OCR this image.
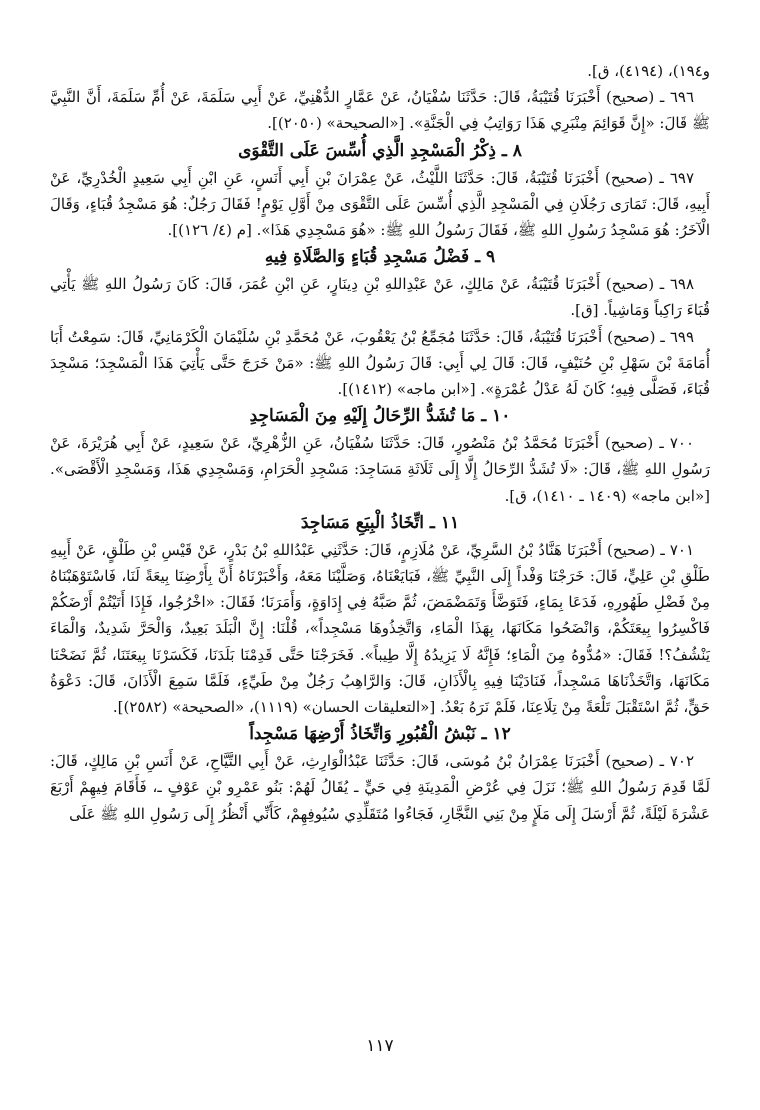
و١٩٤)، (٤١٩٤)، ق].

٦٩٦ ـ (صحيح) أَخْبَرَنَا قُتَيْبَةُ، قَالَ: حَدَّثَنَا سُفْيَانُ، عَنْ عَمَّارٍ الدُّهْنِيِّ، عَنْ أَبِي سَلَمَةَ، عَنْ أُمِّ سَلَمَةَ، أَنَّ النَّبِيَّ ﷺ قَالَ: «إِنَّ قَوَائِمَ مِنْبَرِي هَذَا رَوَاتِبُ فِي الْجَنَّةِ». [«الصحيحة» (٢٠٥٠)].

٨ ـ ذِكْرُ الْمَسْجِدِ الَّذِي أُسِّسَ عَلَى التَّقْوَى

٦٩٧ ـ (صحيح) أَخْبَرَنَا قُتَيْبَةُ، قَالَ: حَدَّثَنَا اللَّيْثُ، عَنْ عِمْرَانَ بْنِ أَبِي أَنَسٍ، عَنِ ابْنِ أَبِي سَعِيدٍ الْخُدْرِيِّ، عَنْ أَبِيهِ، قَالَ: تَمَارَى رَجُلَانِ فِي الْمَسْجِدِ الَّذِي أُسِّسَ عَلَى التَّقْوَى مِنْ أَوَّلِ يَوْمٍ! فَقَالَ رَجُلٌ: هُوَ مَسْجِدُ قُبَاءٍ، وَقَالَ الْآخَرُ: هُوَ مَسْجِدُ رَسُولِ اللهِ ﷺ، فَقَالَ رَسُولُ اللهِ ﷺ: «هُوَ مَسْجِدِي هَذَا». [م (٤/ ١٢٦)].

٩ ـ فَضْلُ مَسْجِدِ قُبَاءٍ وَالصَّلَاةِ فِيهِ

٦٩٨ ـ (صحيح) أَخْبَرَنَا قُتَيْبَةُ، عَنْ مَالِكٍ، عَنْ عَبْدِاللهِ بْنِ دِينَارٍ، عَنِ ابْنِ عُمَرَ، قَالَ: كَانَ رَسُولُ اللهِ ﷺ يَأْتِي قُبَاءَ رَاكِباً وَمَاشِياً. [ق].

٦٩٩ ـ (صحيح) أَخْبَرَنَا قُتَيْبَةُ، قَالَ: حَدَّثَنَا مُجَمِّعُ بْنُ يَعْقُوبَ، عَنْ مُحَمَّدِ بْنِ سُلَيْمَانَ الْكَرْمَانِيِّ، قَالَ: سَمِعْتُ أَبَا أُمَامَةَ بْنَ سَهْلِ بْنِ حُنَيْفٍ، قَالَ: قَالَ لِي أَبِي: قَالَ رَسُولُ اللهِ ﷺ: «مَنْ خَرَجَ حَتَّى يَأْتِيَ هَذَا الْمَسْجِدَ؛ مَسْجِدَ قُبَاءَ، فَصَلَّى فِيهِ؛ كَانَ لَهُ عَدْلُ عُمْرَةٍ». [«ابن ماجه» (١٤١٢)].

١٠ ـ مَا تُشَدُّ الرِّحَالُ إِلَيْهِ مِنَ الْمَسَاجِدِ

٧٠٠ ـ (صحيح) أَخْبَرَنَا مُحَمَّدُ بْنُ مَنْصُورٍ، قَالَ: حَدَّثَنَا سُفْيَانُ، عَنِ الزُّهْرِيِّ، عَنْ سَعِيدٍ، عَنْ أَبِي هُرَيْرَةَ، عَنْ رَسُولِ اللهِ ﷺ، قَالَ: «لَا تُشَدُّ الرِّحَالُ إِلَّا إِلَى ثَلَاثَةِ مَسَاجِدَ: مَسْجِدِ الْحَرَامِ، وَمَسْجِدِي هَذَا، وَمَسْجِدِ الْأَقْصَى». [«ابن ماجه» (١٤٠٩ ـ ١٤١٠)، ق].

١١ ـ اتِّخَاذُ الْبِيَعِ مَسَاجِدَ

٧٠١ ـ (صحيح) أَخْبَرَنَا هَنَّادُ بْنُ السَّرِيِّ، عَنْ مُلَازِمٍ، قَالَ: حَدَّثَنِي عَبْدُاللهِ بْنُ بَدْرٍ، عَنْ قَيْسِ بْنِ طَلْقٍ، عَنْ أَبِيهِ طَلْقِ بْنِ عَلِيٍّ، قَالَ: خَرَجْنَا وَفْداً إِلَى النَّبِيِّ ﷺ، فَبَايَعْنَاهُ، وَصَلَّيْنَا مَعَهُ، وَأَخْبَرْنَاهُ أَنَّ بِأَرْضِنَا بِيعَةً لَنَا، فَاسْتَوْهَبْنَاهُ مِنْ فَضْلِ طَهُورِهِ، فَدَعَا بِمَاءٍ، فَتَوَضَّأَ وَتَمَضْمَضَ، ثُمَّ صَبَّهُ فِي إِدَاوَةٍ، وَأَمَرَنَا؛ فَقَالَ: «اخْرُجُوا، فَإِذَا أَتَيْتُمْ أَرْضَكُمْ فَاكْسِرُوا بِيعَتَكُمْ، وَانْضَحُوا مَكَانَهَا، بِهَذَا الْمَاءِ، وَاتَّخِذُوهَا مَسْجِداً»، قُلْنَا: إِنَّ الْبَلَدَ بَعِيدٌ، وَالْحَرَّ شَدِيدٌ، وَالْمَاءَ يَنْشُفُ؟! فَقَالَ: «مُدُّوهُ مِنَ الْمَاءِ؛ فَإِنَّهُ لَا يَزِيدُهُ إِلَّا طِيباً». فَخَرَجْنَا حَتَّى قَدِمْنَا بَلَدَنَا، فَكَسَرْنَا بِيعَتَنَا، ثُمَّ نَضَحْنَا مَكَانَهَا، وَاتَّخَذْنَاهَا مَسْجِداً، فَنَادَيْنَا فِيهِ بِالْأَذَانِ، قَالَ: وَالرَّاهِبُ رَجُلٌ مِنْ طَيِّءٍ، فَلَمَّا سَمِعَ الْأَذَانَ، قَالَ: دَعْوَةُ حَقٍّ، ثُمَّ اسْتَقْبَلَ تَلْعَةً مِنْ تِلَاعِنَا، فَلَمْ نَرَهُ بَعْدُ. [«التعليقات الحسان» (١١١٩)، «الصحيحة» (٢٥٨٢)].

١٢ ـ نَبْشُ الْقُبُورِ وَاتِّخَاذُ أَرْضِهَا مَسْجِداً

٧٠٢ ـ (صحيح) أَخْبَرَنَا عِمْرَانُ بْنُ مُوسَى، قَالَ: حَدَّثَنَا عَبْدُالْوَارِثِ، عَنْ أَبِي التَّيَّاحِ، عَنْ أَنَسِ بْنِ مَالِكٍ، قَالَ: لَمَّا قَدِمَ رَسُولُ اللهِ ﷺ؛ نَزَلَ فِي عُرْضِ الْمَدِينَةِ فِي حَيٍّ ـ يُقَالُ لَهُمْ: بَنُو عَمْرِو بْنِ عَوْفٍ ـ، فَأَقَامَ فِيهِمْ أَرْبَعَ عَشْرَةَ لَيْلَةً، ثُمَّ أَرْسَلَ إِلَى مَلَإٍ مِنْ بَنِي النَّجَّارِ، فَجَاءُوا مُتَقَلِّدِي سُيُوفِهِمْ، كَأَنِّي أَنْظُرُ إِلَى رَسُولِ اللهِ ﷺ عَلَى

١١٧
